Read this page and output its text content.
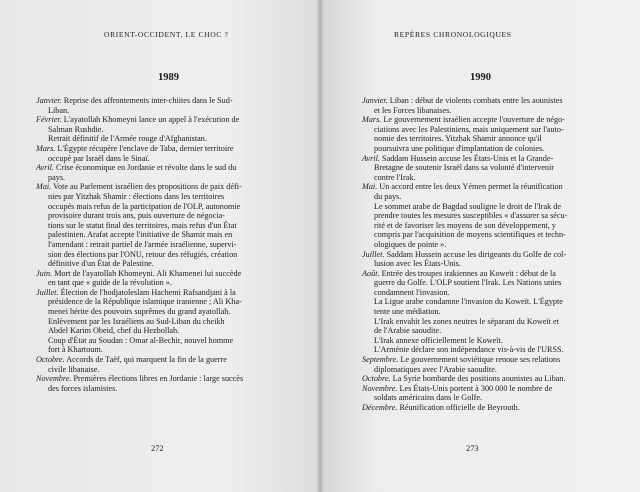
ORIENT-OCCIDENT, LE CHOC ?
1989
Janvier. Reprise des affrontements inter-chiites dans le Sud-
Liban.
Février. L'ayatollah Khomeyni lance un appel à l'exécution de
Salman Rushdie.
Retrait définitif de l'Armée rouge d'Afghanistan.
Mars. L'Égypte récupère l'enclave de Taba, dernier territoire
occupé par Israël dans le Sinaï.
Avril. Crise économique en Jordanie et révolte dans le sud du
pays.
Mai. Vote au Parlement israélien des propositions de paix défi-
nies par Yitzhak Shamir : élections dans les territoires
occupés mais refus de la participation de l'OLP, autonomie
provisoire durant trois ans, puis ouverture de négocia-
tions sur le statut final des territoires, mais refus d'un État
palestinien. Arafat accepte l'initiative de Shamir mais en
l'amendant : retrait partiel de l'armée israélienne, supervi-
sion des élections par l'ONU, retour des réfugiés, création
définitive d'un État de Palestine.
Juin. Mort de l'ayatollah Khomeyni. Ali Khamenei lui succède
en tant que « guide de la révolution ».
Juillet. Élection de l'hodjatoleslam Hachemi Rafsandjani à la
présidence de la République islamique iranienne ; Ali Kha-
menei hérite des pouvoirs suprêmes du grand ayatollah.
Enlèvement par les Israéliens au Sud-Liban du cheikh
Abdel Karim Obeid, chef du Hezbollah.
Coup d'État au Soudan : Omar al-Bechir, nouvel homme
fort à Khartoum.
Octobre. Accords de Taëf, qui marquent la fin de la guerre
civile libanaise.
Novembre. Premières élections libres en Jordanie : large succès
des forces islamistes.
272
REPÈRES CHRONOLOGIQUES
1990
Janvier. Liban : début de violents combats entre les aounistes
et les Forces libanaises.
Mars. Le gouvernement israélien accepte l'ouverture de négo-
ciations avec les Palestiniens, mais uniquement sur l'auto-
nomie des territoires. Yitzhak Shamir annonce qu'il
poursuivra une politique d'implantation de colonies.
Avril. Saddam Hussein accuse les États-Unis et la Grande-
Bretagne de soutenir Israël dans sa volonté d'intervenir
contre l'Irak.
Mai. Un accord entre les deux Yémen permet la réunification
du pays.
Le sommet arabe de Bagdad souligne le droit de l'Irak de
prendre toutes les mesures susceptibles « d'assurer sa sécu-
rité et de favoriser les moyens de son développement, y
compris par l'acquisition de moyens scientifiques et techn-
ologiques de pointe ».
Juillet. Saddam Hussein accuse les dirigeants du Golfe de col-
lusion avec les États-Unis.
Août. Entrée des troupes irakiennes au Koweït : début de la
guerre du Golfe. L'OLP soutient l'Irak. Les Nations unies
condamnent l'invasion.
La Ligue arabe condamne l'invasion du Koweït. L'Égypte
tente une médiation.
L'Irak envahit les zones neutres le séparant du Koweït et
de l'Arabie saoudite.
L'Irak annexe officiellement le Koweït.
L'Arménie déclare son indépendance vis-à-vis de l'URSS.
Septembre. Le gouvernement soviétique renoue ses relations
diplomatiques avec l'Arabie saoudite.
Octobre. La Syrie bombarde des positions aounistes au Liban.
Novembre. Les États-Unis portent à 300 000 le nombre de
soldats américains dans le Golfe.
Décembre. Réunification officielle de Beyrouth.
273
